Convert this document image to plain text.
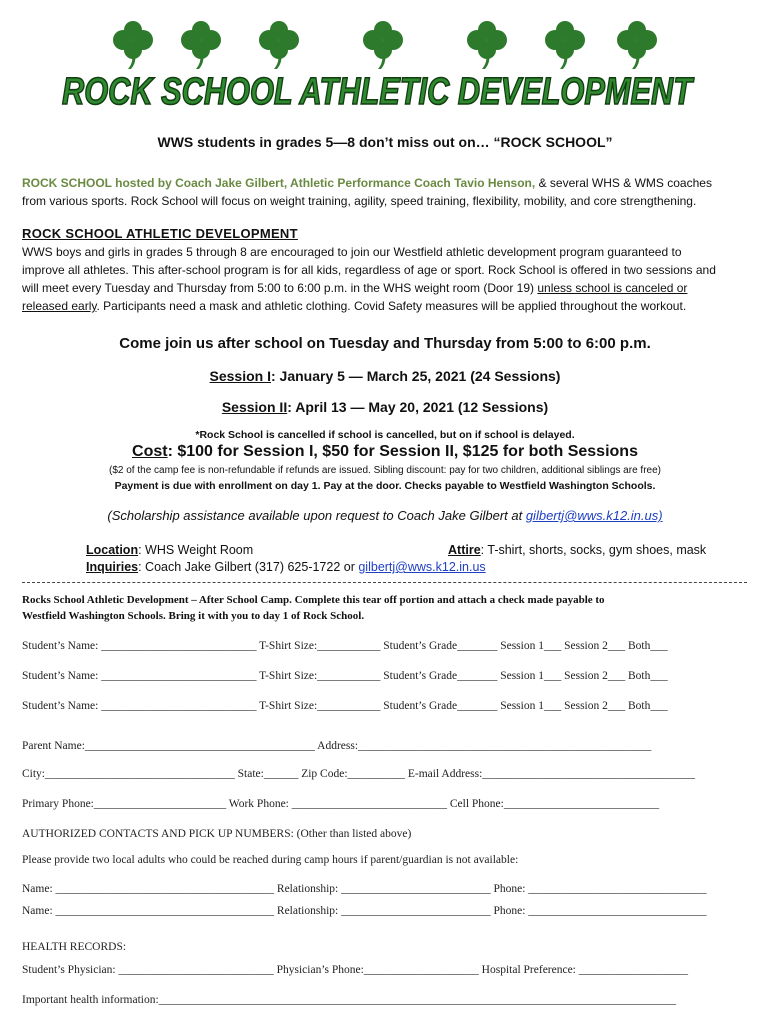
ROCK SCHOOL ATHLETIC DEVELOPMENT
WWS students in grades 5—8 don’t miss out on… “ROCK SCHOOL”
ROCK SCHOOL hosted by Coach Jake Gilbert, Athletic Performance Coach Tavio Henson, & several WHS & WMS coaches
from various sports. Rock School will focus on weight training, agility, speed training, flexibility, mobility, and core strengthening.
ROCK SCHOOL ATHLETIC DEVELOPMENT
WWS boys and girls in grades 5 through 8 are encouraged to join our Westfield athletic development program guaranteed to
improve all athletes. This after-school program is for all kids, regardless of age or sport. Rock School is offered in two sessions and
will meet every Tuesday and Thursday from 5:00 to 6:00 p.m. in the WHS weight room (Door 19) unless school is canceled or
released early. Participants need a mask and athletic clothing. Covid Safety measures will be applied throughout the workout.
Come join us after school on Tuesday and Thursday from 5:00 to 6:00 p.m.
Session I: January 5 — March 25, 2021 (24 Sessions)
Session II: April 13 — May 20, 2021 (12 Sessions)
*Rock School is cancelled if school is cancelled, but on if school is delayed.
Cost: $100 for Session I, $50 for Session II, $125 for both Sessions
($2 of the camp fee is non-refundable if refunds are issued. Sibling discount: pay for two children, additional siblings are free)
Payment is due with enrollment on day 1. Pay at the door. Checks payable to Westfield Washington Schools.
(Scholarship assistance available upon request to Coach Jake Gilbert at gilbertj@wws.k12.in.us)
Location: WHS Weight Room	Attire: T-shirt, shorts, socks, gym shoes, mask
Inquiries: Coach Jake Gilbert (317) 625-1722 or gilbertj@wws.k12.in.us
Rocks School Athletic Development – After School Camp. Complete this tear off portion and attach a check made payable to
Westfield Washington Schools. Bring it with you to day 1 of Rock School.
Student’s Name: ___________________________ T-Shirt Size:___________ Student’s Grade_______ Session 1___ Session 2___ Both___
Student’s Name: ___________________________ T-Shirt Size:___________ Student’s Grade_______ Session 1___ Session 2___ Both___
Student’s Name: ___________________________ T-Shirt Size:___________ Student’s Grade_______ Session 1___ Session 2___ Both___
Parent Name:________________________________________ Address:___________________________________________________
City:_________________________________ State:______ Zip Code:__________ E-mail Address:_____________________________________
Primary Phone:_______________________ Work Phone: ___________________________ Cell Phone:___________________________
AUTHORIZED CONTACTS AND PICK UP NUMBERS: (Other than listed above)
Please provide two local adults who could be reached during camp hours if parent/guardian is not available:
Name: ______________________________________ Relationship: __________________________ Phone: _______________________________
Name: ______________________________________ Relationship: __________________________ Phone: _______________________________
HEALTH RECORDS:
Student’s Physician: ___________________________ Physician’s Phone:____________________ Hospital Preference: ___________________
Important health information:__________________________________________________________________________________________
